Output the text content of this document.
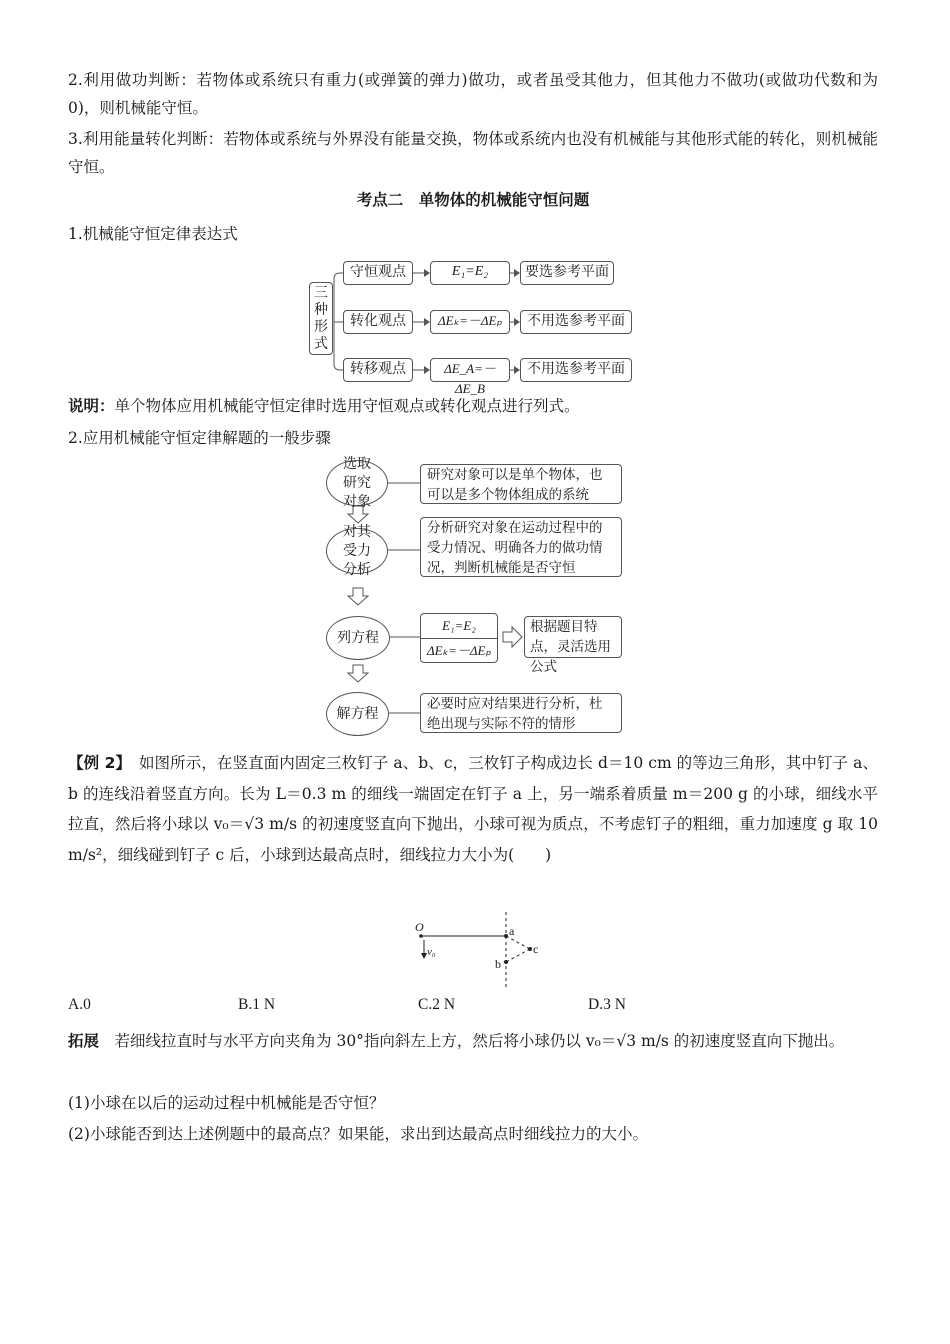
2.利用做功判断：若物体或系统只有重力(或弹簧的弹力)做功，或者虽受其他力，但其他力不做功(或做功代数和为 0)，则机械能守恒。

3.利用能量转化判断：若物体或系统与外界没有能量交换，物体或系统内也没有机械能与其他形式能的转化，则机械能守恒。

考点二　单物体的机械能守恒问题

1.机械能守恒定律表达式

三种形式
守恒观点
转化观点
转移观点
E₁=E₂
ΔEₖ=－ΔEₚ
ΔE_A=－ΔE_B
要选参考平面
不用选参考平面
不用选参考平面

说明：单个物体应用机械能守恒定律时选用守恒观点或转化观点进行列式。

2.应用机械能守恒定律解题的一般步骤

选取研究对象
研究对象可以是单个物体，也可以是多个物体组成的系统
对其受力分析
分析研究对象在运动过程中的受力情况、明确各力的做功情况，判断机械能是否守恒
列方程
E₁=E₂
ΔEₖ=－ΔEₚ
根据题目特点，灵活选用公式
解方程
必要时应对结果进行分析，杜绝出现与实际不符的情形

【例 2】　 如图所示，在竖直面内固定三枚钉子 a、b、c，三枚钉子构成边长 d＝10 cm 的等边三角形，其中钉子 a、b 的连线沿着竖直方向。长为 L＝0.3 m 的细线一端固定在钉子 a 上，另一端系着质量 m＝200 g 的小球，细线水平拉直，然后将小球以 v₀＝√3 m/s 的初速度竖直向下抛出，小球可视为质点，不考虑钉子的粗细，重力加速度 g 取 10 m/s²，细线碰到钉子 c 后，小球到达最高点时，细线拉力大小为(　　)

O	a
b
c
v₀
A.0	B.1 N	C.2 N	D.3 N

拓展　 若细线拉直时与水平方向夹角为 30°指向斜左上方，然后将小球仍以 v₀＝√3 m/s 的初速度竖直向下抛出。

(1)小球在以后的运动过程中机械能是否守恒？

(2)小球能否到达上述例题中的最高点？如果能，求出到达最高点时细线拉力的大小。
